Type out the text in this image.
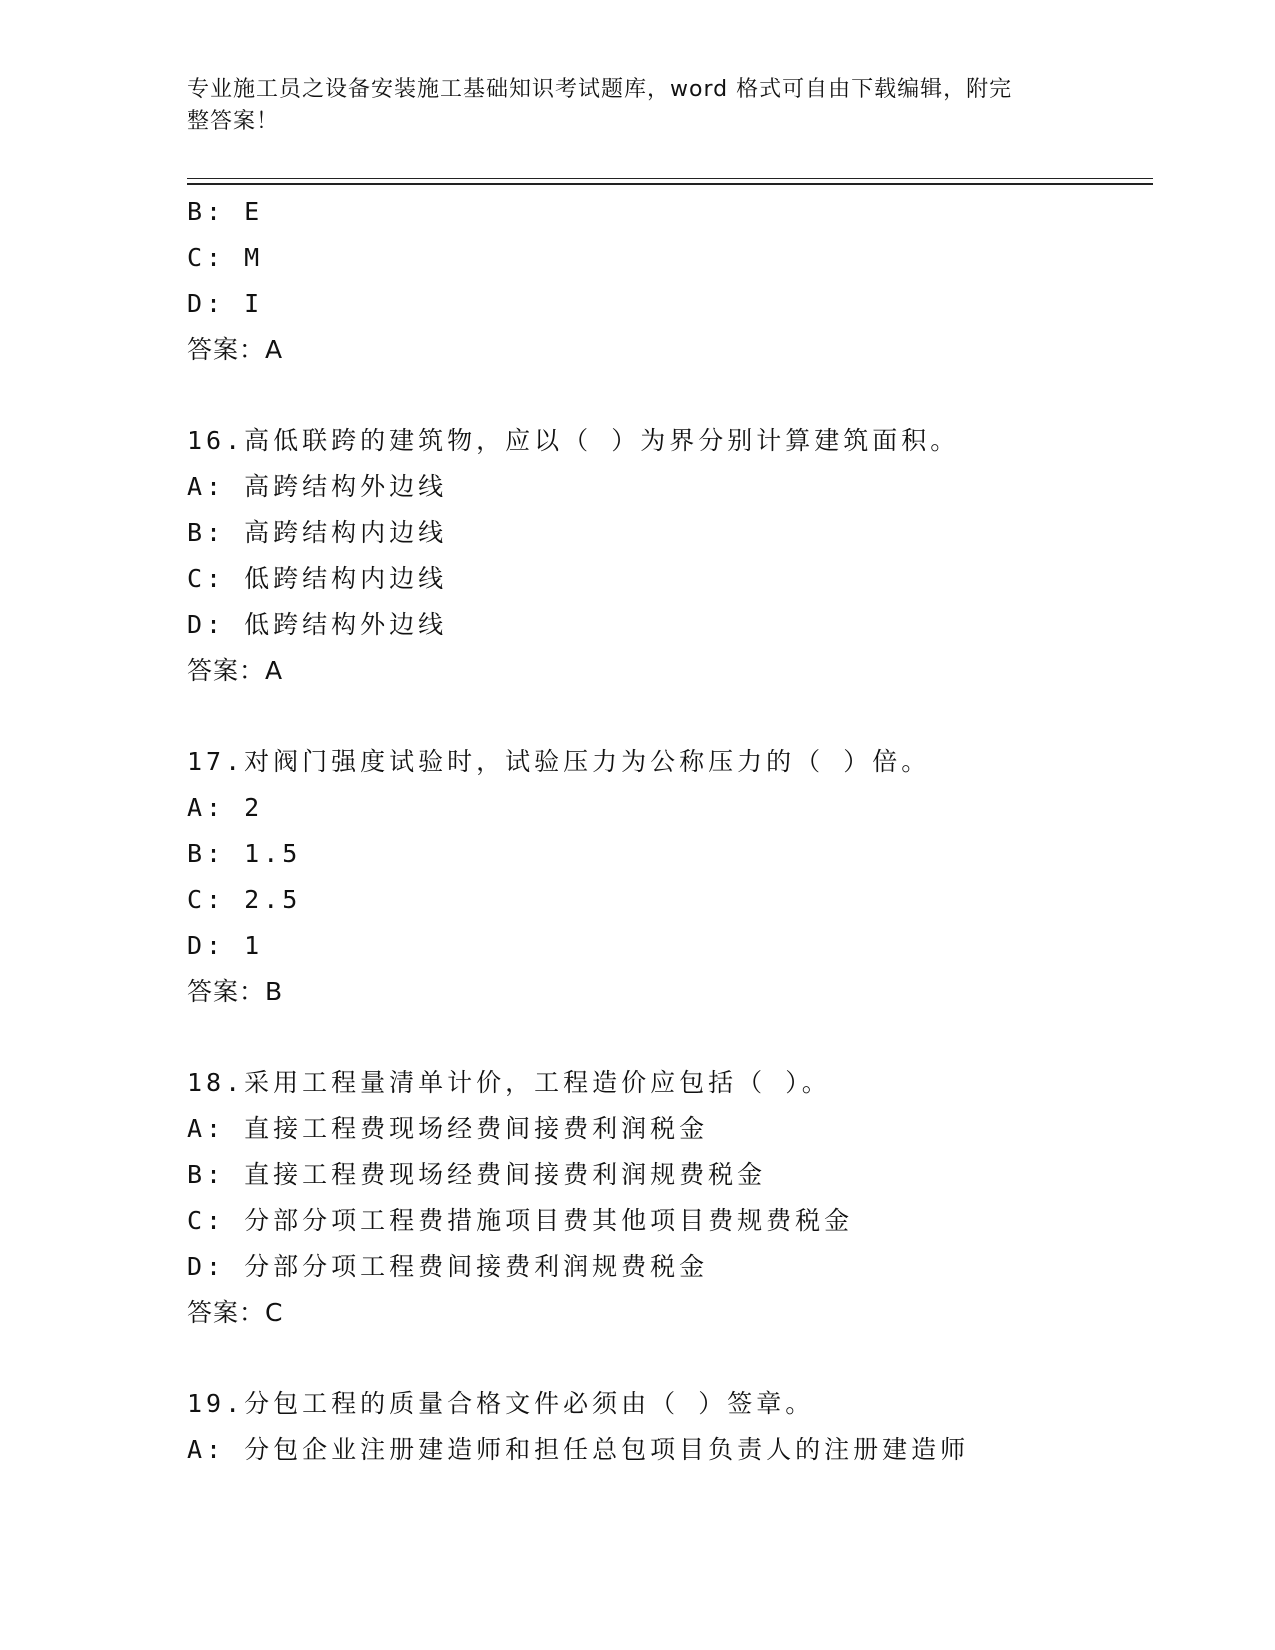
专业施工员之设备安装施工基础知识考试题库，word 格式可自由下载编辑，附完
整答案！
B: E
C: M
D: I
答案：A
16.高低联跨的建筑物，应以（ ）为界分别计算建筑面积。
A: 高跨结构外边线
B: 高跨结构内边线
C: 低跨结构内边线
D: 低跨结构外边线
答案：A
17.对阀门强度试验时，试验压力为公称压力的（ ）倍。
A: 2
B: 1.5
C: 2.5
D: 1
答案：B
18.采用工程量清单计价，工程造价应包括（ ）。
A: 直接工程费现场经费间接费利润税金
B: 直接工程费现场经费间接费利润规费税金
C: 分部分项工程费措施项目费其他项目费规费税金
D: 分部分项工程费间接费利润规费税金
答案：C
19.分包工程的质量合格文件必须由（ ）签章。
A: 分包企业注册建造师和担任总包项目负责人的注册建造师
